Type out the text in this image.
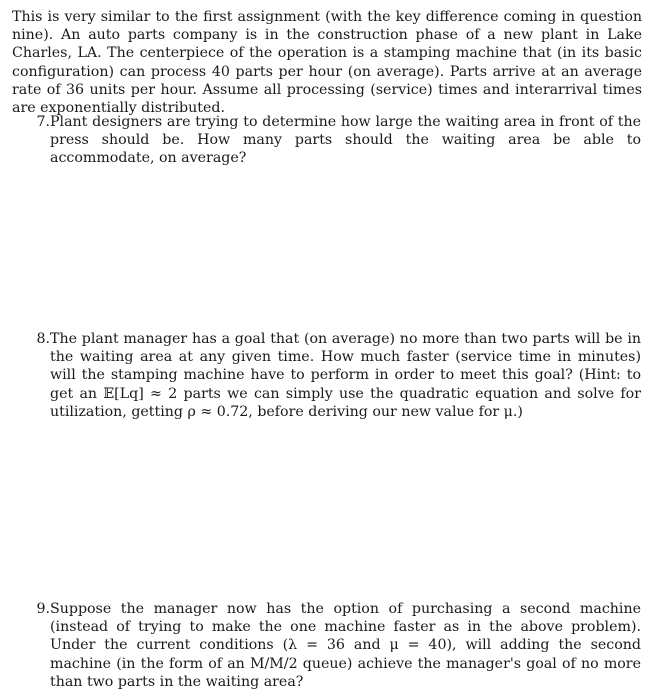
This is very similar to the first assignment (with the key difference coming in question nine). An auto parts company is in the construction phase of a new plant in Lake Charles, LA. The centerpiece of the operation is a stamping machine that (in its basic configuration) can process 40 parts per hour (on average). Parts arrive at an average rate of 36 units per hour. Assume all processing (service) times and interarrival times are exponentially distributed.

7. Plant designers are trying to determine how large the waiting area in front of the press should be. How many parts should the waiting area be able to accommodate, on average?

8. The plant manager has a goal that (on average) no more than two parts will be in the waiting area at any given time. How much faster (service time in minutes) will the stamping machine have to perform in order to meet this goal? (Hint: to get an 𝔼[Lq] ≈ 2 parts we can simply use the quadratic equation and solve for utilization, getting ρ ≈ 0.72, before deriving our new value for μ.)

9. Suppose the manager now has the option of purchasing a second machine (instead of trying to make the one machine faster as in the above problem). Under the current conditions (λ = 36 and μ = 40), will adding the second machine (in the form of an M/M/2 queue) achieve the manager's goal of no more than two parts in the waiting area?
